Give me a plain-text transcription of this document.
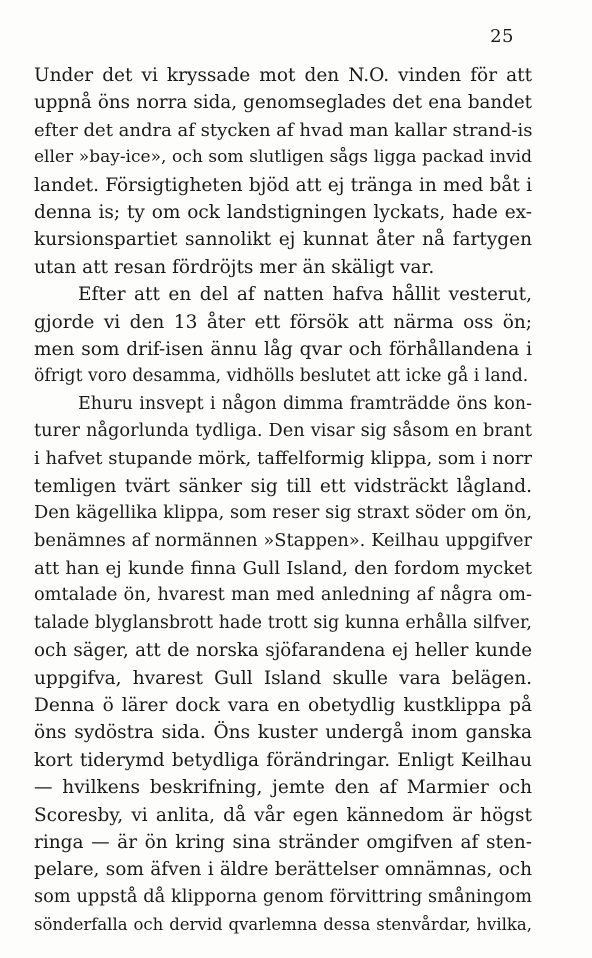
25
Under det vi kryssade mot den N.O. vinden för att
uppnå öns norra sida, genomseglades det ena bandet
efter det andra af stycken af hvad man kallar strand-is
eller »bay-ice», och som slutligen sågs ligga packad invid
landet. Försigtigheten bjöd att ej tränga in med båt i
denna is; ty om ock landstigningen lyckats, hade ex-
kursionspartiet sannolikt ej kunnat åter nå fartygen
utan att resan fördröjts mer än skäligt var.
Efter att en del af natten hafva hållit vesterut,
gjorde vi den 13 åter ett försök att närma oss ön;
men som drif-isen ännu låg qvar och förhållandena i
öfrigt voro desamma, vidhölls beslutet att icke gå i land.
Ehuru insvept i någon dimma framträdde öns kon-
turer någorlunda tydliga. Den visar sig såsom en brant
i hafvet stupande mörk, taffelformig klippa, som i norr
temligen tvärt sänker sig till ett vidsträckt lågland.
Den kägellika klippa, som reser sig straxt söder om ön,
benämnes af normännen »Stappen». Keilhau uppgifver
att han ej kunde finna Gull Island, den fordom mycket
omtalade ön, hvarest man med anledning af några om-
talade blyglansbrott hade trott sig kunna erhålla silfver,
och säger, att de norska sjöfarandena ej heller kunde
uppgifva, hvarest Gull Island skulle vara belägen.
Denna ö lärer dock vara en obetydlig kustklippa på
öns sydöstra sida. Öns kuster undergå inom ganska
kort tiderymd betydliga förändringar. Enligt Keilhau
— hvilkens beskrifning, jemte den af Marmier och
Scoresby, vi anlita, då vår egen kännedom är högst
ringa — är ön kring sina stränder omgifven af sten-
pelare, som äfven i äldre berättelser omnämnas, och
som uppstå då klipporna genom förvittring småningom
sönderfalla och dervid qvarlemna dessa stenvårdar, hvilka,
